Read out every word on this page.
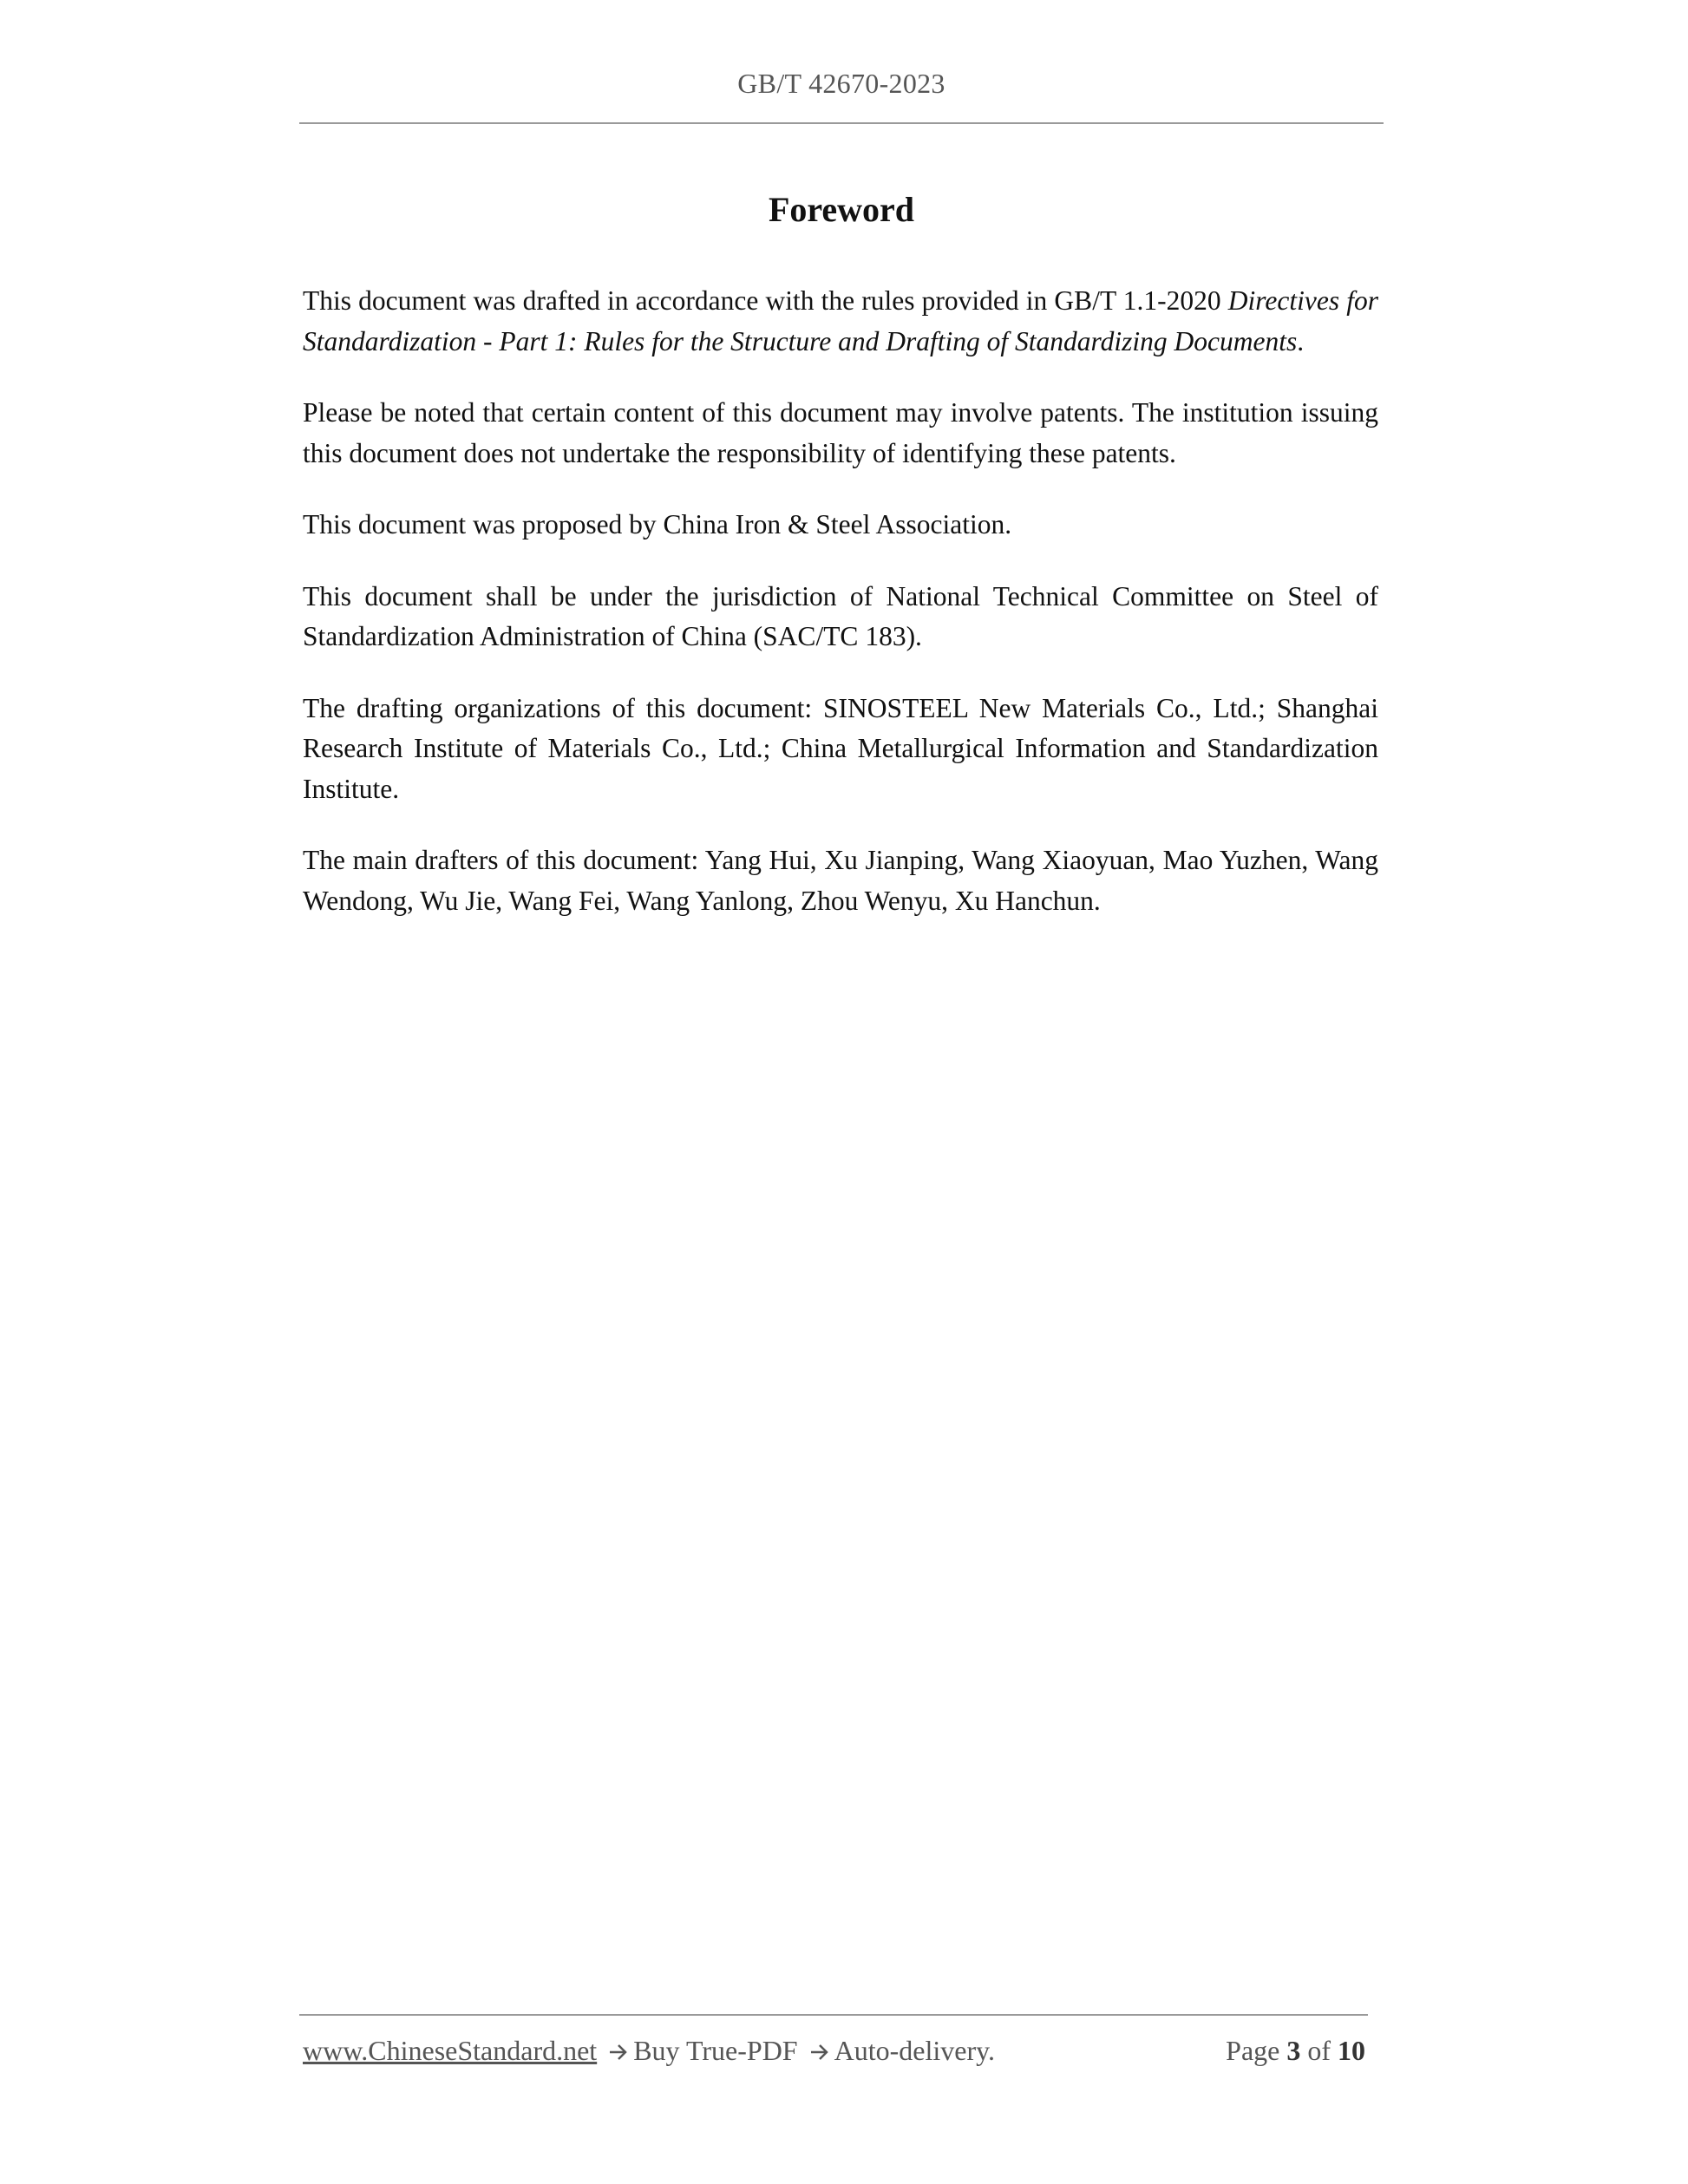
GB/T 42670-2023
Foreword

This document was drafted in accordance with the rules provided in GB/T 1.1-2020 Directives for Standardization - Part 1: Rules for the Structure and Drafting of Standardizing Documents.

Please be noted that certain content of this document may involve patents. The institution issuing this document does not undertake the responsibility of identifying these patents.

This document was proposed by China Iron & Steel Association.

This document shall be under the jurisdiction of National Technical Committee on Steel of Standardization Administration of China (SAC/TC 183).

The drafting organizations of this document: SINOSTEEL New Materials Co., Ltd.; Shanghai Research Institute of Materials Co., Ltd.; China Metallurgical Information and Standardization Institute.

The main drafters of this document: Yang Hui, Xu Jianping, Wang Xiaoyuan, Mao Yuzhen, Wang Wendong, Wu Jie, Wang Fei, Wang Yanlong, Zhou Wenyu, Xu Hanchun.

www.ChineseStandard.net Buy True-PDF Auto-delivery.	Page 3 of 10
